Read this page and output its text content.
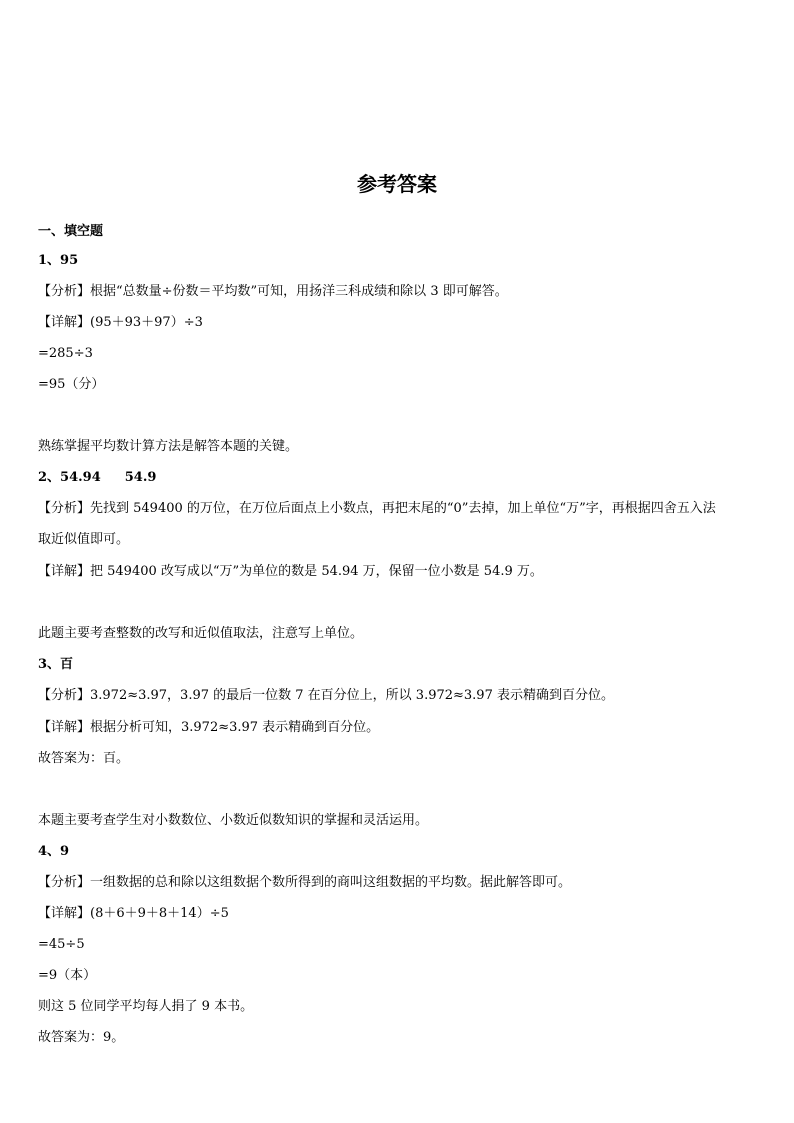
参考答案
一、填空题
1、95
【分析】根据“总数量÷份数＝平均数”可知，用扬洋三科成绩和除以 3 即可解答。
【详解】(95＋93＋97）÷3
=285÷3
=95（分）
熟练掌握平均数计算方法是解答本题的关键。
2、54.94 54.9
【分析】先找到 549400 的万位，在万位后面点上小数点，再把末尾的“0”去掉，加上单位“万”字，再根据四舍五入法
取近似值即可。
【详解】把 549400 改写成以“万”为单位的数是 54.94 万，保留一位小数是 54.9 万。
此题主要考查整数的改写和近似值取法，注意写上单位。
3、百
【分析】3.972≈3.97，3.97 的最后一位数 7 在百分位上，所以 3.972≈3.97 表示精确到百分位。
【详解】根据分析可知，3.972≈3.97 表示精确到百分位。
故答案为：百。
本题主要考查学生对小数数位、小数近似数知识的掌握和灵活运用。
4、9
【分析】一组数据的总和除以这组数据个数所得到的商叫这组数据的平均数。据此解答即可。
【详解】(8＋6＋9＋8＋14）÷5
=45÷5
=9（本）
则这 5 位同学平均每人捐了 9 本书。
故答案为：9。
